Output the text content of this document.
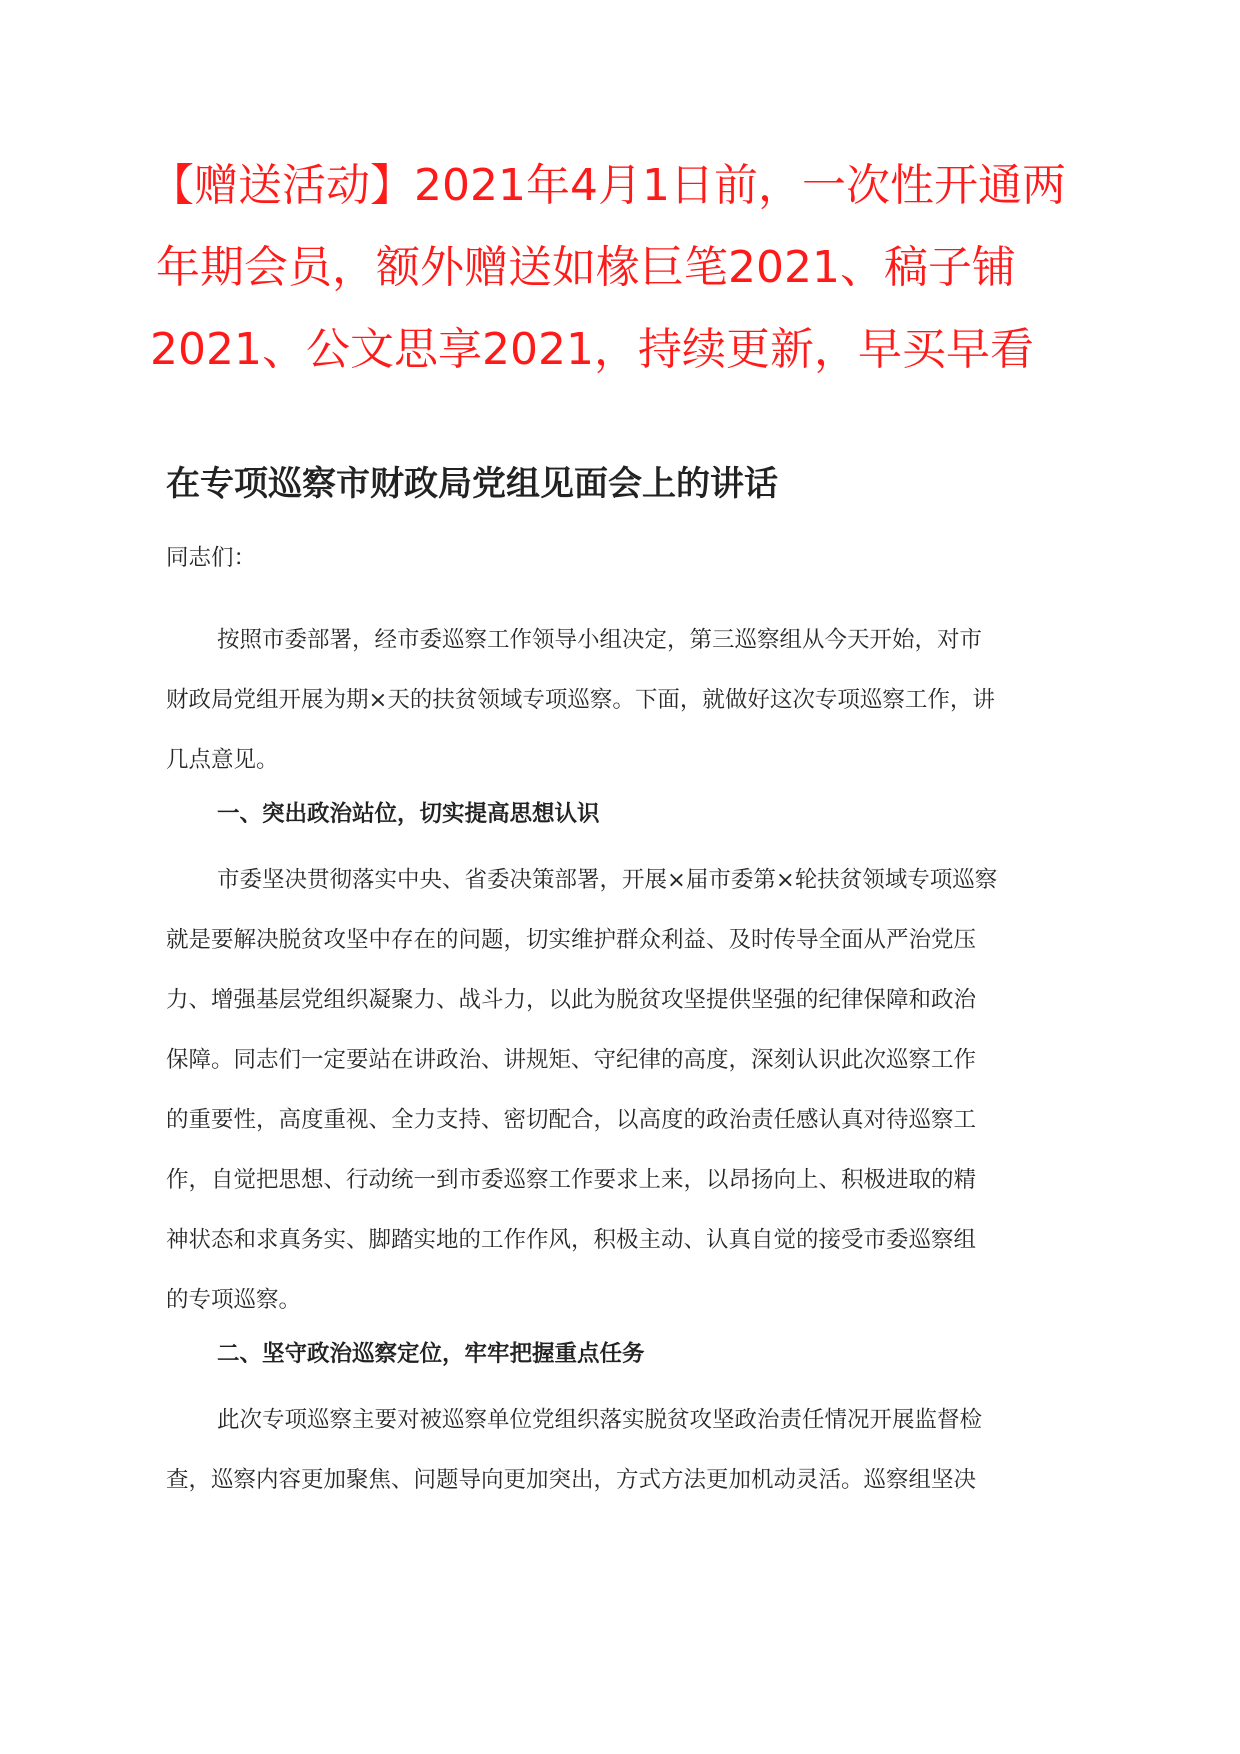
【赠送活动】2021年4月1日前，一次性开通两
年期会员，额外赠送如椽巨笔2021、稿子铺
2021、公文思享2021，持续更新，早买早看
在专项巡察市财政局党组见面会上的讲话
同志们：
按照市委部署，经市委巡察工作领导小组决定，第三巡察组从今天开始，对市
财政局党组开展为期×天的扶贫领域专项巡察。下面，就做好这次专项巡察工作，讲
几点意见。
一、突出政治站位，切实提高思想认识
市委坚决贯彻落实中央、省委决策部署，开展×届市委第×轮扶贫领域专项巡察
就是要解决脱贫攻坚中存在的问题，切实维护群众利益、及时传导全面从严治党压
力、增强基层党组织凝聚力、战斗力，以此为脱贫攻坚提供坚强的纪律保障和政治
保障。同志们一定要站在讲政治、讲规矩、守纪律的高度，深刻认识此次巡察工作
的重要性，高度重视、全力支持、密切配合，以高度的政治责任感认真对待巡察工
作，自觉把思想、行动统一到市委巡察工作要求上来，以昂扬向上、积极进取的精
神状态和求真务实、脚踏实地的工作作风，积极主动、认真自觉的接受市委巡察组
的专项巡察。
二、坚守政治巡察定位，牢牢把握重点任务
此次专项巡察主要对被巡察单位党组织落实脱贫攻坚政治责任情况开展监督检
查，巡察内容更加聚焦、问题导向更加突出，方式方法更加机动灵活。巡察组坚决
